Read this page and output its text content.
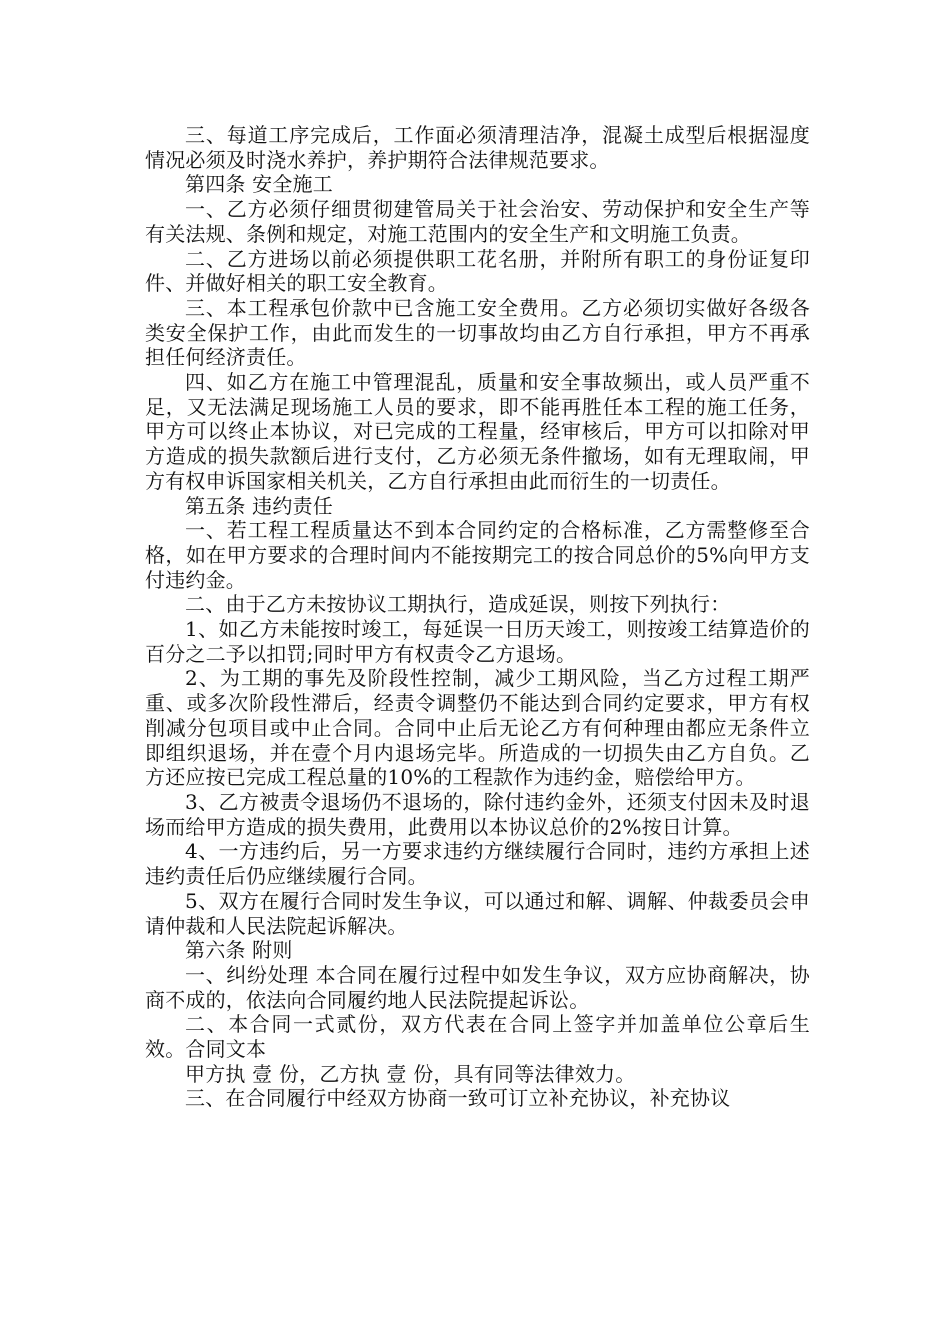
三、每道工序完成后，工作面必须清理洁净，混凝土成型后根据湿度情况必须及时浇水养护，养护期符合法律规范要求。

第四条 安全施工

一、乙方必须仔细贯彻建管局关于社会治安、劳动保护和安全生产等有关法规、条例和规定，对施工范围内的安全生产和文明施工负责。

二、乙方进场以前必须提供职工花名册，并附所有职工的身份证复印件、并做好相关的职工安全教育。

三、本工程承包价款中已含施工安全费用。乙方必须切实做好各级各类安全保护工作，由此而发生的一切事故均由乙方自行承担，甲方不再承担任何经济责任。

四、如乙方在施工中管理混乱，质量和安全事故频出，或人员严重不足，又无法满足现场施工人员的要求，即不能再胜任本工程的施工任务，甲方可以终止本协议，对已完成的工程量，经审核后，甲方可以扣除对甲方造成的损失款额后进行支付，乙方必须无条件撤场，如有无理取闹，甲方有权申诉国家相关机关，乙方自行承担由此而衍生的一切责任。

第五条 违约责任

一、若工程工程质量达不到本合同约定的合格标准，乙方需整修至合格，如在甲方要求的合理时间内不能按期完工的按合同总价的5%向甲方支付违约金。

二、由于乙方未按协议工期执行，造成延误，则按下列执行：

1、如乙方未能按时竣工，每延误一日历天竣工，则按竣工结算造价的百分之二予以扣罚;同时甲方有权责令乙方退场。

2、为工期的事先及阶段性控制，减少工期风险，当乙方过程工期严重、或多次阶段性滞后，经责令调整仍不能达到合同约定要求，甲方有权削减分包项目或中止合同。合同中止后无论乙方有何种理由都应无条件立即组织退场，并在壹个月内退场完毕。所造成的一切损失由乙方自负。乙方还应按已完成工程总量的10%的工程款作为违约金，赔偿给甲方。

3、乙方被责令退场仍不退场的，除付违约金外，还须支付因未及时退场而给甲方造成的损失费用，此费用以本协议总价的2%按日计算。

4、一方违约后，另一方要求违约方继续履行合同时，违约方承担上述违约责任后仍应继续履行合同。

5、双方在履行合同时发生争议，可以通过和解、调解、仲裁委员会申请仲裁和人民法院起诉解决。

第六条 附则

一、纠纷处理 本合同在履行过程中如发生争议，双方应协商解决，协商不成的，依法向合同履约地人民法院提起诉讼。

二、本合同一式贰份，双方代表在合同上签字并加盖单位公章后生效。合同文本

甲方执 壹 份，乙方执 壹 份，具有同等法律效力。

三、在合同履行中经双方协商一致可订立补充协议，补充协议
